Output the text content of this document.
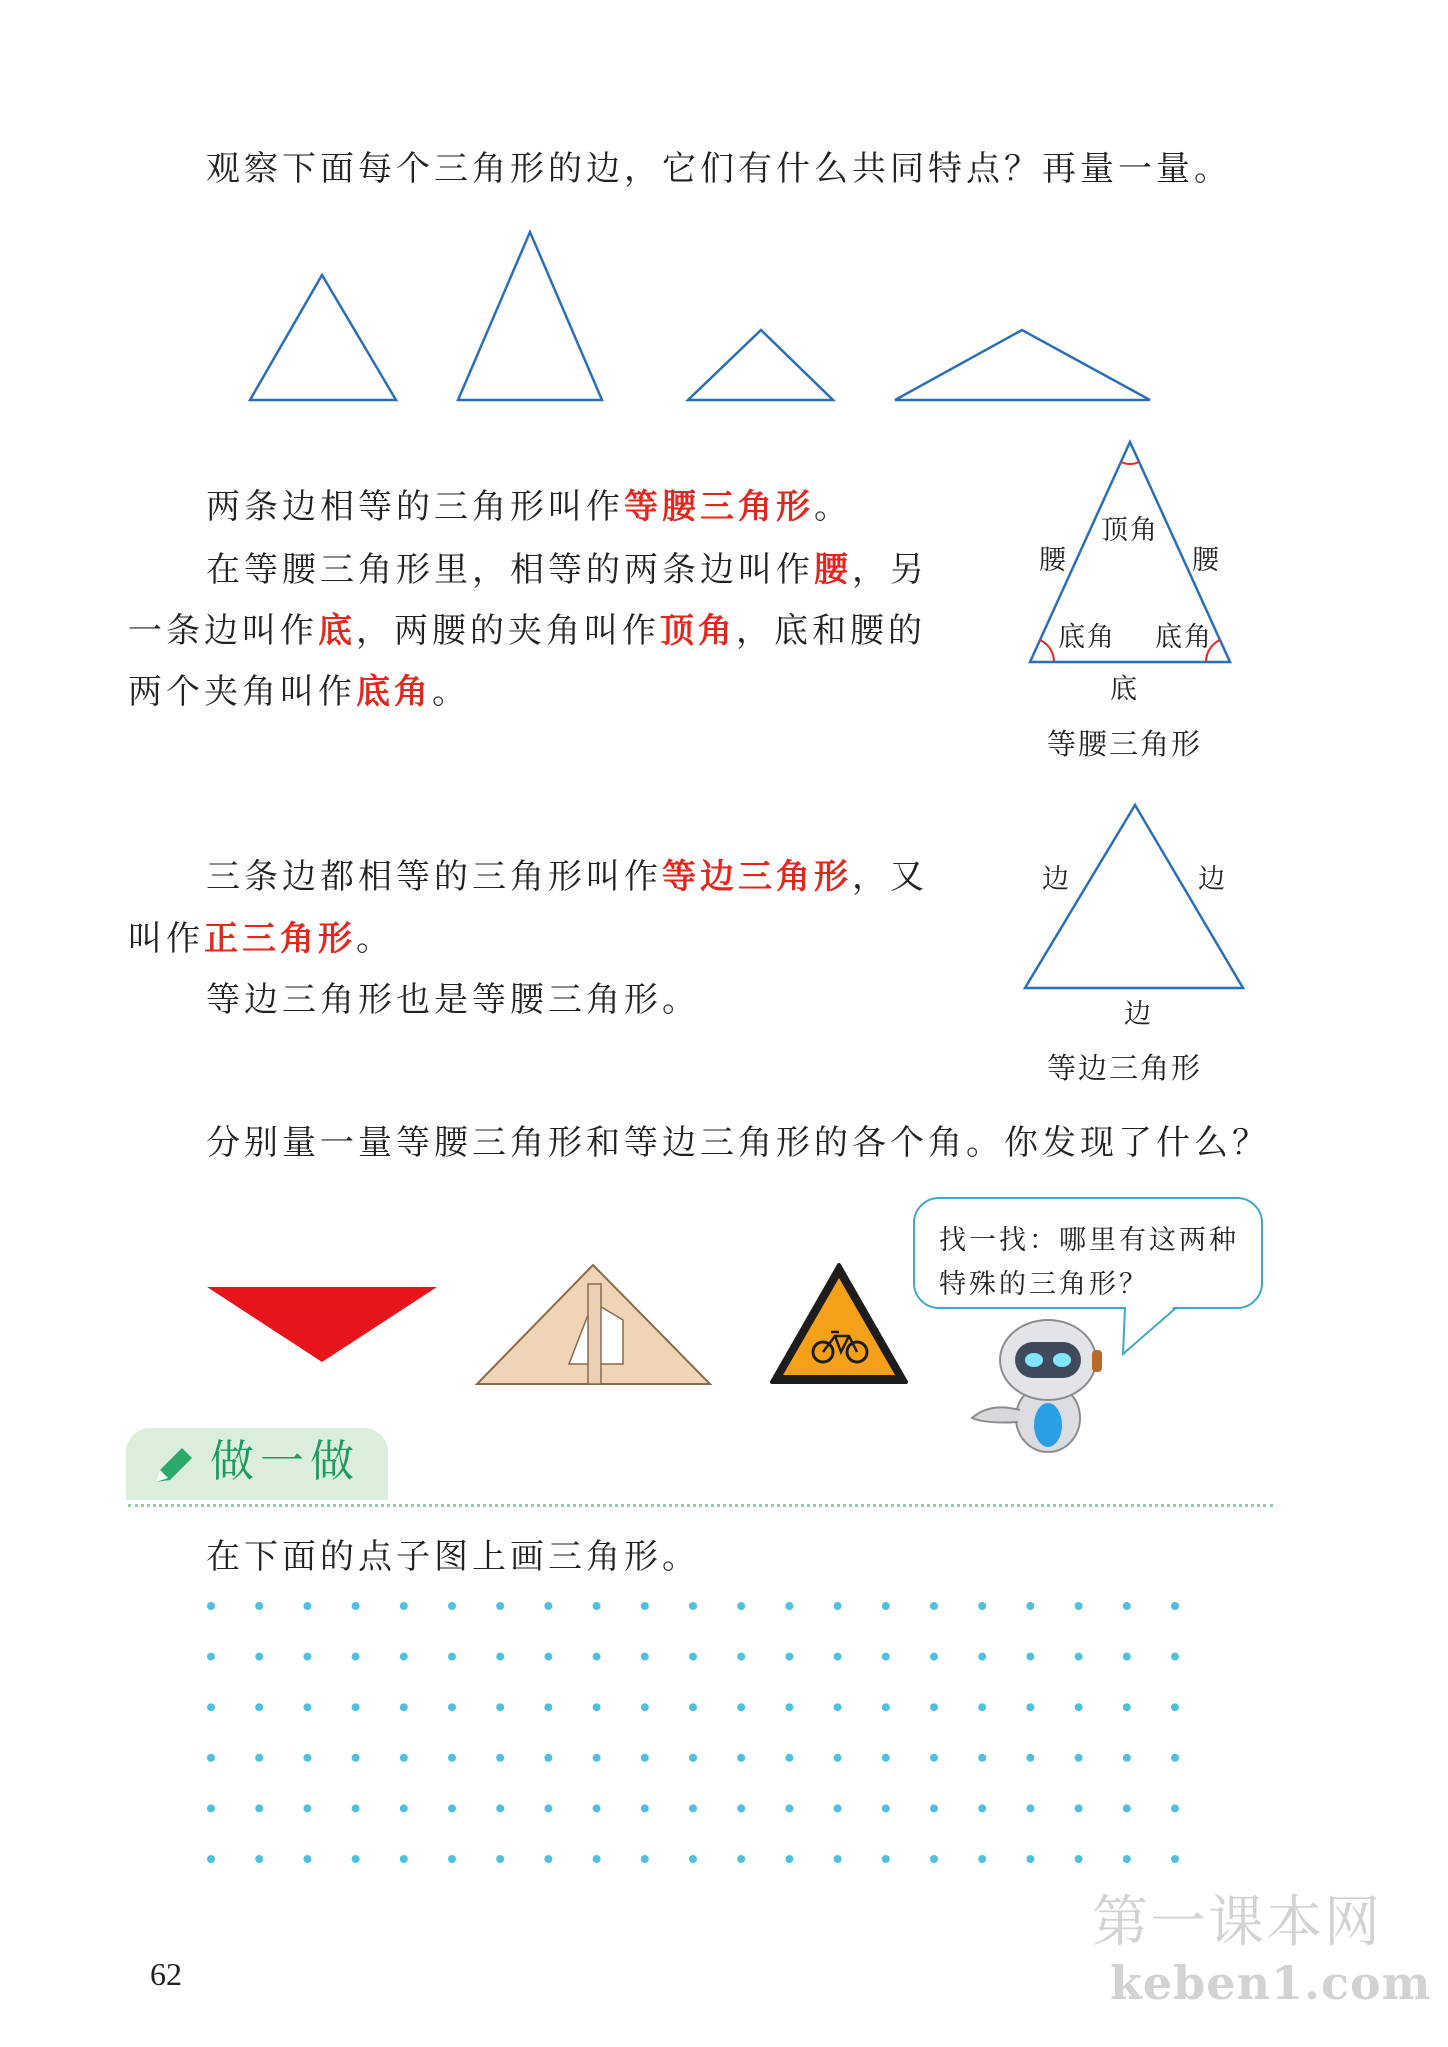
观察下面每个三角形的边，它们有什么共同特点？再量一量。
两条边相等的三角形叫作等腰三角形。
在等腰三角形里，相等的两条边叫作腰，另
一条边叫作底，两腰的夹角叫作顶角，底和腰的
两个夹角叫作底角。
顶角
腰	腰
底角 底角
底
等腰三角形
三条边都相等的三角形叫作等边三角形，又
叫作正三角形。
等边三角形也是等腰三角形。
边	边
边
等边三角形
分别量一量等腰三角形和等边三角形的各个角。你发现了什么？
找一找：哪里有这两种
特殊的三角形？
做一做
在下面的点子图上画三角形。
62
第一课本网
keben1.com
